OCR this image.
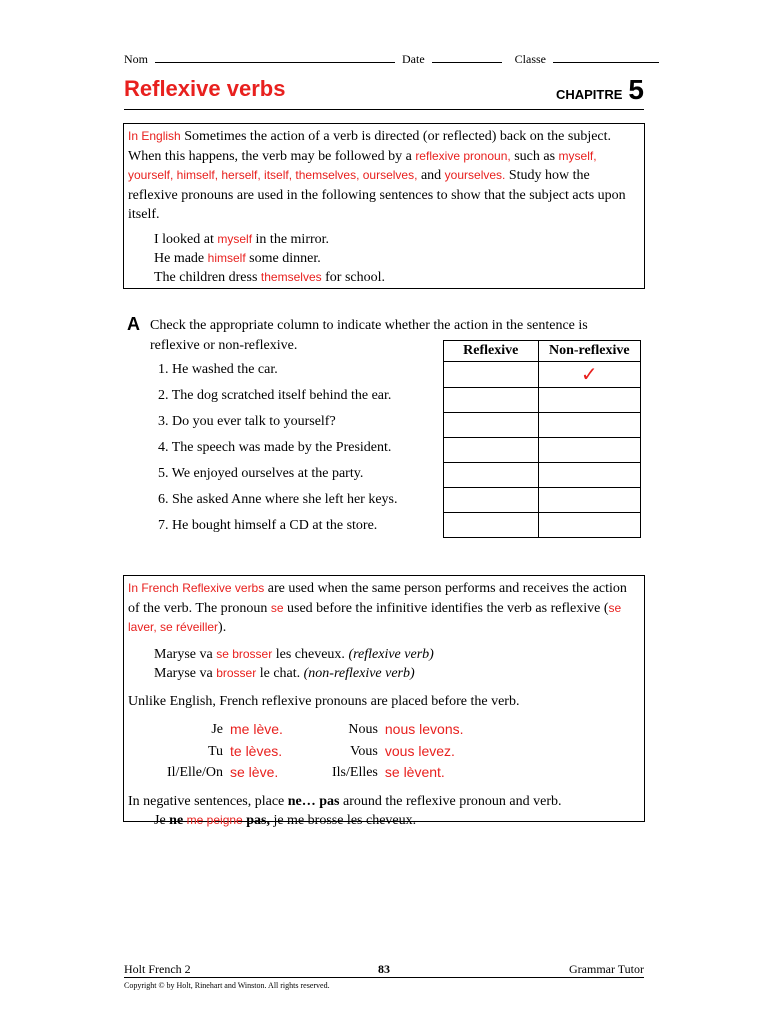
Nom	Date	Classe
Reflexive verbs	CHAPITRE 5
In English Sometimes the action of a verb is directed (or reflected) back on the subject. When this happens, the verb may be followed by a reflexive pronoun, such as myself, yourself, himself, herself, itself, themselves, ourselves, and yourselves. Study how the reflexive pronouns are used in the following sentences to show that the subject acts upon itself.
I looked at myself in the mirror.
He made himself some dinner.
The children dress themselves for school.
A Check the appropriate column to indicate whether the action in the sentence is reflexive or non-reflexive.
1. He washed the car.
2. The dog scratched itself behind the ear.
3. Do you ever talk to yourself?
4. The speech was made by the President.
5. We enjoyed ourselves at the party.
6. She asked Anne where she left her keys.
7. He bought himself a CD at the store.
Reflexive	Non-reflexive
	✓

In French Reflexive verbs are used when the same person performs and receives the action of the verb. The pronoun se used before the infinitive identifies the verb as reflexive (se laver, se réveiller).
Maryse va se brosser les cheveux. (reflexive verb)
Maryse va brosser le chat. (non-reflexive verb)
Unlike English, French reflexive pronouns are placed before the verb.
Je	me lève.	Nous	nous levons.
Tu	te lèves.	Vous	vous levez.
Il/Elle/On	se lève.	Ils/Elles	se lèvent.
In negative sentences, place ne… pas around the reflexive pronoun and verb.
Je ne me peigne pas, je me brosse les cheveux.
Holt French 2	83	Grammar Tutor
Copyright © by Holt, Rinehart and Winston. All rights reserved.
